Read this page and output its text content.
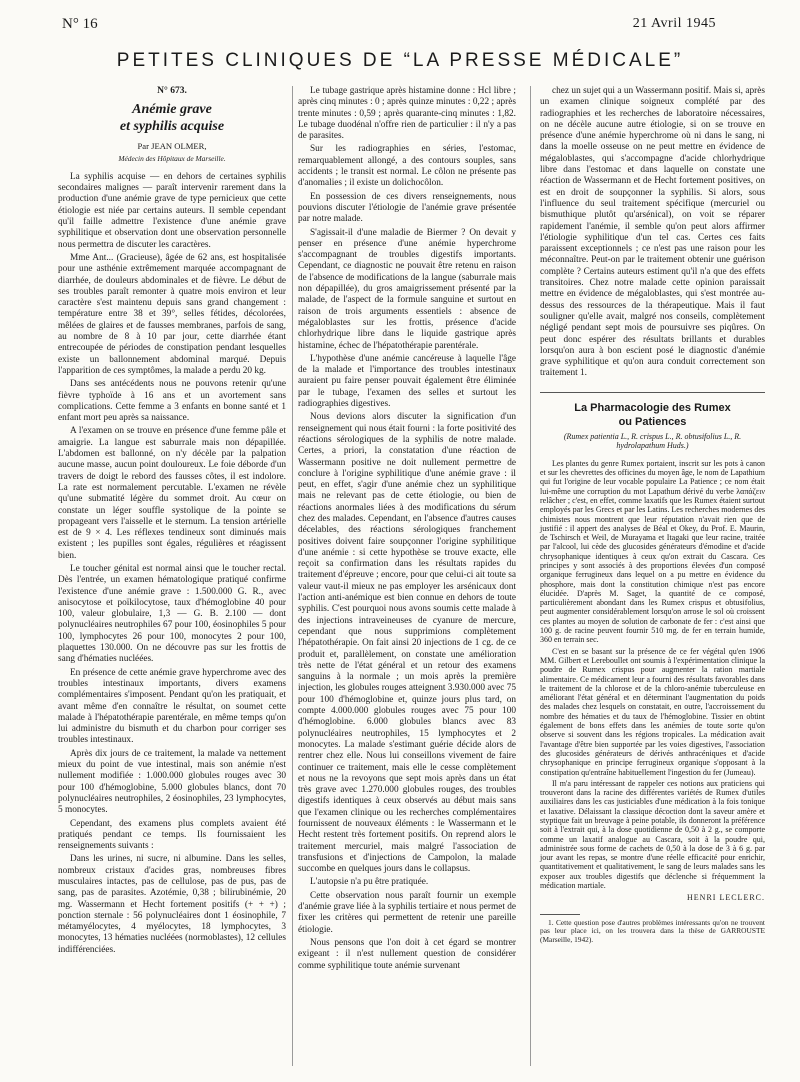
N° 16	21 Avril 1945
PETITES CLINIQUES DE “LA PRESSE MÉDICALE”

N° 673.

Anémie grave
et syphilis acquise

Par JEAN OLMER,

Médecin des Hôpitaux de Marseille.

La syphilis acquise — en dehors de certaines syphilis secondaires malignes — paraît intervenir rarement dans la production d'une anémie grave de type pernicieux que cette étiologie est niée par certains auteurs. Il semble cependant qu'il faille admettre l'existence d'une anémie grave syphilitique et observation dont une observation personnelle nous permettra de discuter les caractères.

Mme Ant... (Gracieuse), âgée de 62 ans, est hospitalisée pour une asthénie extrêmement marquée accompagnant de diarrhée, de douleurs abdominales et de fièvre. Le début de ses troubles paraît remonter à quatre mois environ et leur caractère s'est maintenu depuis sans grand changement : température entre 38 et 39°, selles fétides, décolorées, mêlées de glaires et de fausses membranes, parfois de sang, au nombre de 8 à 10 par jour, cette diarrhée étant entrecoupée de périodes de constipation pendant lesquelles existe un ballonnement abdominal marqué. Depuis l'apparition de ces symptômes, la malade a perdu 20 kg.

Dans ses antécédents nous ne pouvons retenir qu'une fièvre typhoïde à 16 ans et un avortement sans complications. Cette femme a 3 enfants en bonne santé et 1 enfant mort peu après sa naissance.

A l'examen on se trouve en présence d'une femme pâle et amaigrie. La langue est saburrale mais non dépapillée. L'abdomen est ballonné, on n'y décèle par la palpation aucune masse, aucun point douloureux. Le foie déborde d'un travers de doigt le rebord des fausses côtes, il est indolore. La rate est normalement percutable. L'examen ne révèle qu'une submatité légère du sommet droit. Au cœur on constate un léger souffle systolique de la pointe se propageant vers l'aisselle et le sternum. La tension artérielle est de 9 × 4. Les réflexes tendineux sont diminués mais existent ; les pupilles sont égales, régulières et réagissent bien.

Le toucher génital est normal ainsi que le toucher rectal. Dès l'entrée, un examen hématologique pratiqué confirme l'existence d'une anémie grave : 1.500.000 G. R., avec anisocytose et poïkilocytose, taux d'hémoglobine 40 pour 100, valeur globulaire, 1,3 — G. B. 2.100 — dont polynucléaires neutrophiles 67 pour 100, éosinophiles 5 pour 100, lymphocytes 26 pour 100, monocytes 2 pour 100, plaquettes 130.000. On ne découvre pas sur les frottis de sang d'hématies nucléées.

En présence de cette anémie grave hyperchrome avec des troubles intestinaux importants, divers examens complémentaires s'imposent. Pendant qu'on les pratiquait, et avant même d'en connaître le résultat, on soumet cette malade à l'hépatothérapie parentérale, en même temps qu'on lui administre du bismuth et du charbon pour corriger ses troubles intestinaux.

Après dix jours de ce traitement, la malade va nettement mieux du point de vue intestinal, mais son anémie n'est nullement modifiée : 1.000.000 globules rouges avec 30 pour 100 d'hémoglobine, 5.000 globules blancs, dont 70 polynucléaires neutrophiles, 2 éosinophiles, 23 lymphocytes, 5 monocytes.

Cependant, des examens plus complets avaient été pratiqués pendant ce temps. Ils fournissaient les renseignements suivants :

Dans les urines, ni sucre, ni albumine. Dans les selles, nombreux cristaux d'acides gras, nombreuses fibres musculaires intactes, pas de cellulose, pas de pus, pas de sang, pas de parasites. Azotémie, 0,38 ; bilirubinémie, 20 mg. Wassermann et Hecht fortement positifs (+ + +) ; ponction sternale : 56 polynucléaires dont 1 éosinophile, 7 métamyélocytes, 4 myélocytes, 18 lymphocytes, 3 monocytes, 13 hématies nucléées (normoblastes), 12 cellules indifférenciées.

Le tubage gastrique après histamine donne : Hcl libre ; après cinq minutes : 0 ; après quinze minutes : 0,22 ; après trente minutes : 0,59 ; après quarante-cinq minutes : 1,82. Le tubage duodénal n'offre rien de particulier : il n'y a pas de parasites.

Sur les radiographies en séries, l'estomac, remarquablement allongé, a des contours souples, sans accidents ; le transit est normal. Le côlon ne présente pas d'anomalies ; il existe un dolichocôlon.

En possession de ces divers renseignements, nous pouvions discuter l'étiologie de l'anémie grave présentée par notre malade.

S'agissait-il d'une maladie de Biermer ? On devait y penser en présence d'une anémie hyperchrome s'accompagnant de troubles digestifs importants. Cependant, ce diagnostic ne pouvait être retenu en raison de l'absence de modifications de la langue (saburrale mais non dépapillée), du gros amaigrissement présenté par la malade, de l'aspect de la formule sanguine et surtout en raison de trois arguments essentiels : absence de mégaloblastes sur les frottis, présence d'acide chlorhydrique libre dans le liquide gastrique après histamine, échec de l'hépatothérapie parentérale.

L'hypothèse d'une anémie cancéreuse à laquelle l'âge de la malade et l'importance des troubles intestinaux auraient pu faire penser pouvait également être éliminée par le tubage, l'examen des selles et surtout les radiographies digestives.

Nous devions alors discuter la signification d'un renseignement qui nous était fourni : la forte positivité des réactions sérologiques de la syphilis de notre malade. Certes, a priori, la constatation d'une réaction de Wassermann positive ne doit nullement permettre de conclure à l'origine syphilitique d'une anémie grave : il peut, en effet, s'agir d'une anémie chez un syphilitique mais ne relevant pas de cette étiologie, ou bien de réactions anormales liées à des modifications du sérum chez des malades. Cependant, en l'absence d'autres causes décelables, des réactions sérologiques franchement positives doivent faire soupçonner l'origine syphilitique d'une anémie : si cette hypothèse se trouve exacte, elle reçoit sa confirmation dans les résultats rapides du traitement d'épreuve ; encore, pour que celui-ci ait toute sa valeur vaut-il mieux ne pas employer les arsénicaux dont l'action anti-anémique est bien connue en dehors de toute syphilis. C'est pourquoi nous avons soumis cette malade à des injections intraveineuses de cyanure de mercure, cependant que nous supprimions complètement l'hépatothérapie. On fait ainsi 20 injections de 1 cg. de ce produit et, parallèlement, on constate une amélioration très nette de l'état général et un retour des examens sanguins à la normale ; un mois après la première injection, les globules rouges atteignent 3.930.000 avec 75 pour 100 d'hémoglobine et, quinze jours plus tard, on compte 4.000.000 globules rouges avec 75 pour 100 d'hémoglobine. 6.000 globules blancs avec 83 polynucléaires neutrophiles, 15 lymphocytes et 2 monocytes. La malade s'estimant guérie décide alors de rentrer chez elle. Nous lui conseillons vivement de faire continuer ce traitement, mais elle le cesse complètement et nous ne la revoyons que sept mois après dans un état très grave avec 1.270.000 globules rouges, des troubles digestifs identiques à ceux observés au début mais sans que l'examen clinique ou les recherches complémentaires fournissent de nouveaux éléments : le Wassermann et le Hecht restent très fortement positifs. On reprend alors le traitement mercuriel, mais malgré l'association de transfusions et d'injections de Campolon, la malade succombe en quelques jours dans le collapsus.

L'autopsie n'a pu être pratiquée.

Cette observation nous paraît fournir un exemple d'anémie grave liée à la syphilis tertiaire et nous permet de fixer les critères qui permettent de retenir une pareille étiologie.

Nous pensons que l'on doit à cet égard se montrer exigeant : il n'est nullement question de considérer comme syphilitique toute anémie survenant

chez un sujet qui a un Wassermann positif. Mais si, après un examen clinique soigneux complété par des radiographies et les recherches de laboratoire nécessaires, on ne décèle aucune autre étiologie, si on se trouve en présence d'une anémie hyperchrome où ni dans le sang, ni dans la moelle osseuse on ne peut mettre en évidence de mégaloblastes, qui s'accompagne d'acide chlorhydrique libre dans l'estomac et dans laquelle on constate une réaction de Wassermann et de Hecht fortement positives, on est en droit de soupçonner la syphilis. Si alors, sous l'influence du seul traitement spécifique (mercuriel ou bismuthique plutôt qu'arsénical), on voit se réparer rapidement l'anémie, il semble qu'on peut alors affirmer l'étiologie syphilitique d'un tel cas. Certes ces faits paraissent exceptionnels ; ce n'est pas une raison pour les méconnaître. Peut-on par le traitement obtenir une guérison complète ? Certains auteurs estiment qu'il n'a que des effets transitoires. Chez notre malade cette opinion paraissait mettre en évidence de mégaloblastes, qui s'est montrée au-dessus des ressources de la thérapeutique. Mais il faut souligner qu'elle avait, malgré nos conseils, complètement négligé pendant sept mois de poursuivre ses piqûres. On peut donc espérer des résultats brillants et durables lorsqu'on aura à bon escient posé le diagnostic d'anémie grave syphilitique et qu'on aura conduit correctement son traitement 1.

La Pharmacologie des Rumex
ou Patiences

(Rumex patientia L., R. crispus L., R. obtusifolius L., R. hydrolapathum Huds.)

Les plantes du genre Rumex portaient, inscrit sur les pots à canon et sur les chevrettes des officines du moyen âge, le nom de Lapathium qui fut l'origine de leur vocable populaire La Patience ; ce nom était lui-même une corruption du mot Lapathum dérivé du verbe λαπάζειν relâcher ; c'est, en effet, comme laxatifs que les Rumex étaient surtout employés par les Grecs et par les Latins. Les recherches modernes des chimistes nous montrent que leur réputation n'avait rien que de justifié : il appert des analyses de Béal et Okey, du Prof. E. Maurin, de Tschirsch et Weil, de Murayama et Itagaki que leur racine, traitée par l'alcool, lui cède des glucosides générateurs d'émodine et d'acide chrysophanique identiques à ceux qu'on extrait du Cascara. Ces principes y sont associés à des proportions élevées d'un composé organique ferrugineux dans lequel on a pu mettre en évidence du phosphore, mais dont la constitution chimique n'est pas encore élucidée. D'après M. Saget, la quantité de ce composé, particulièrement abondant dans les Rumex crispus et obtusifolius, peut augmenter considérablement lorsqu'on arrose le sol où croissent ces plantes au moyen de solution de carbonate de fer : c'est ainsi que 100 g. de racine peuvent fournir 510 mg. de fer en terrain humide, 360 en terrain sec.

C'est en se basant sur la présence de ce fer végétal qu'en 1906 MM. Gilbert et Lereboullet ont soumis à l'expérimentation clinique la poudre de Rumex crispus pour augmenter la ration martiale alimentaire. Ce médicament leur a fourni des résultats favorables dans le traitement de la chlorose et de la chloro-anémie tuberculeuse en améliorant l'état général et en déterminant l'augmentation du poids des malades chez lesquels on constatait, en outre, l'accroissement du nombre des hématies et du taux de l'hémoglobine. Tissier en obtint également de bons effets dans les anémies de toute sorte qu'on observe si souvent dans les régions tropicales. La médication avait l'avantage d'être bien supportée par les voies digestives, l'association des glucosides générateurs de dérivés anthracéniques et d'acide chrysophanique en principe ferrugineux organique s'opposant à la constipation qu'entraîne habituellement l'ingestion du fer (Jumeau).

Il m'a paru intéressant de rappeler ces notions aux praticiens qui trouveront dans la racine des différentes variétés de Rumex d'utiles auxiliaires dans les cas justiciables d'une médication à la fois tonique et laxative. Délaissant la classique décoction dont la saveur amère et styptique fait un breuvage à peine potable, ils donneront la préférence soit à l'extrait qui, à la dose quotidienne de 0,50 à 2 g., se comporte comme un laxatif analogue au Cascara, soit à la poudre qui, administrée sous forme de cachets de 0,50 à la dose de 3 à 6 g. par jour avant les repas, se montre d'une réelle efficacité pour enrichir, quantitativement et qualitativement, le sang de leurs malades sans les exposer aux troubles digestifs que déclenche si fréquemment la médication martiale.

HENRI LECLERC.

1. Cette question pose d'autres problèmes intéressants qu'on ne trouvent pas leur place ici, on les trouvera dans la thèse de GARROUSTE (Marseille, 1942).
